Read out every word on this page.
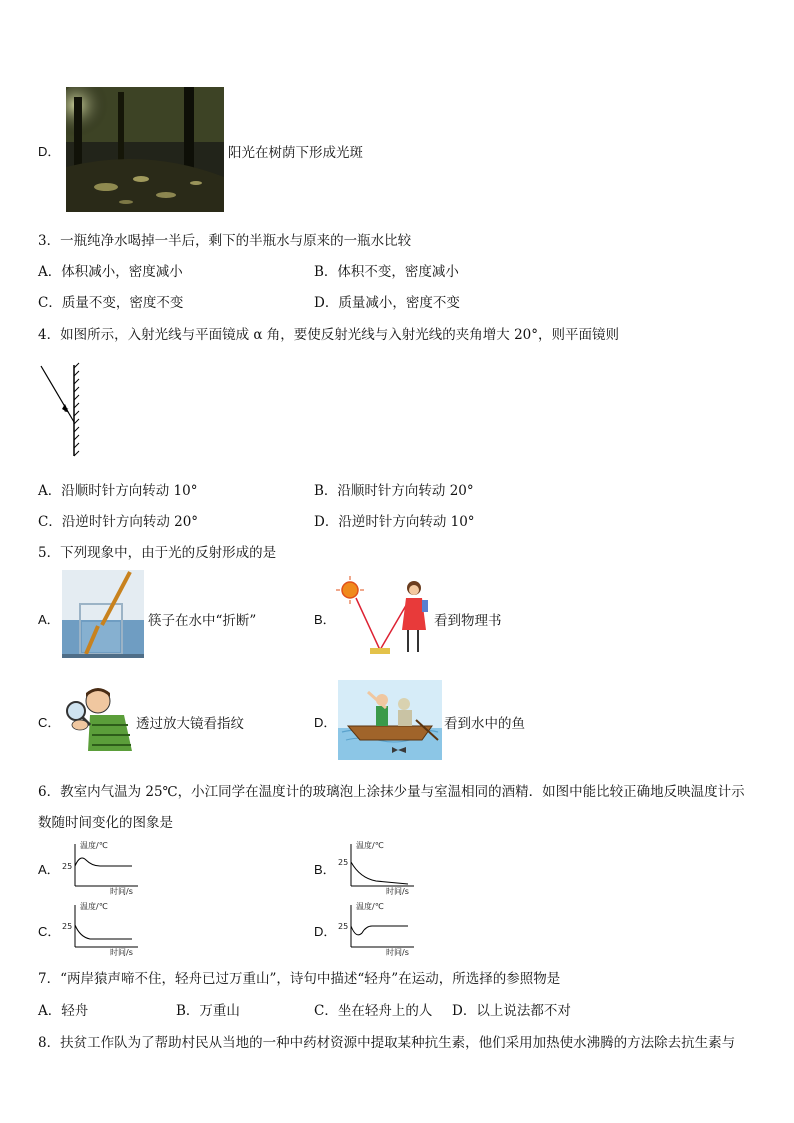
D．	阳光在树荫下形成光斑
3．一瓶纯净水喝掉一半后，剩下的半瓶水与原来的一瓶水比较
A．体积减小，密度减小	B．体积不变，密度减小
C．质量不变，密度不变	D．质量减小，密度不变
4．如图所示，入射光线与平面镜成 α 角，要使反射光线与入射光线的夹角增大 20°，则平面镜则
α
A．沿顺时针方向转动 10°	B．沿顺时针方向转动 20°
C．沿逆时针方向转动 20°	D．沿逆时针方向转动 10°
5．下列现象中，由于光的反射形成的是
A．	筷子在水中“折断”	B．	看到物理书
C．	透过放大镜看指纹	D．	看到水中的鱼
6．教室内气温为 25℃，小江同学在温度计的玻璃泡上涂抹少量与室温相同的酒精．如图中能比较正确地反映温度计示
数随时间变化的图象是
A．
温度/℃
25
时间/s
B．
温度/℃
25
时间/s
C．
温度/℃
25
时间/s
D．
温度/℃
25
时间/s
7．“两岸猿声啼不住，轻舟已过万重山”，诗句中描述“轻舟”在运动，所选择的参照物是
A．轻舟	B．万重山	C．坐在轻舟上的人 D．以上说法都不对
8．扶贫工作队为了帮助村民从当地的一种中药材资源中提取某种抗生素，他们采用加热使水沸腾的方法除去抗生素与
